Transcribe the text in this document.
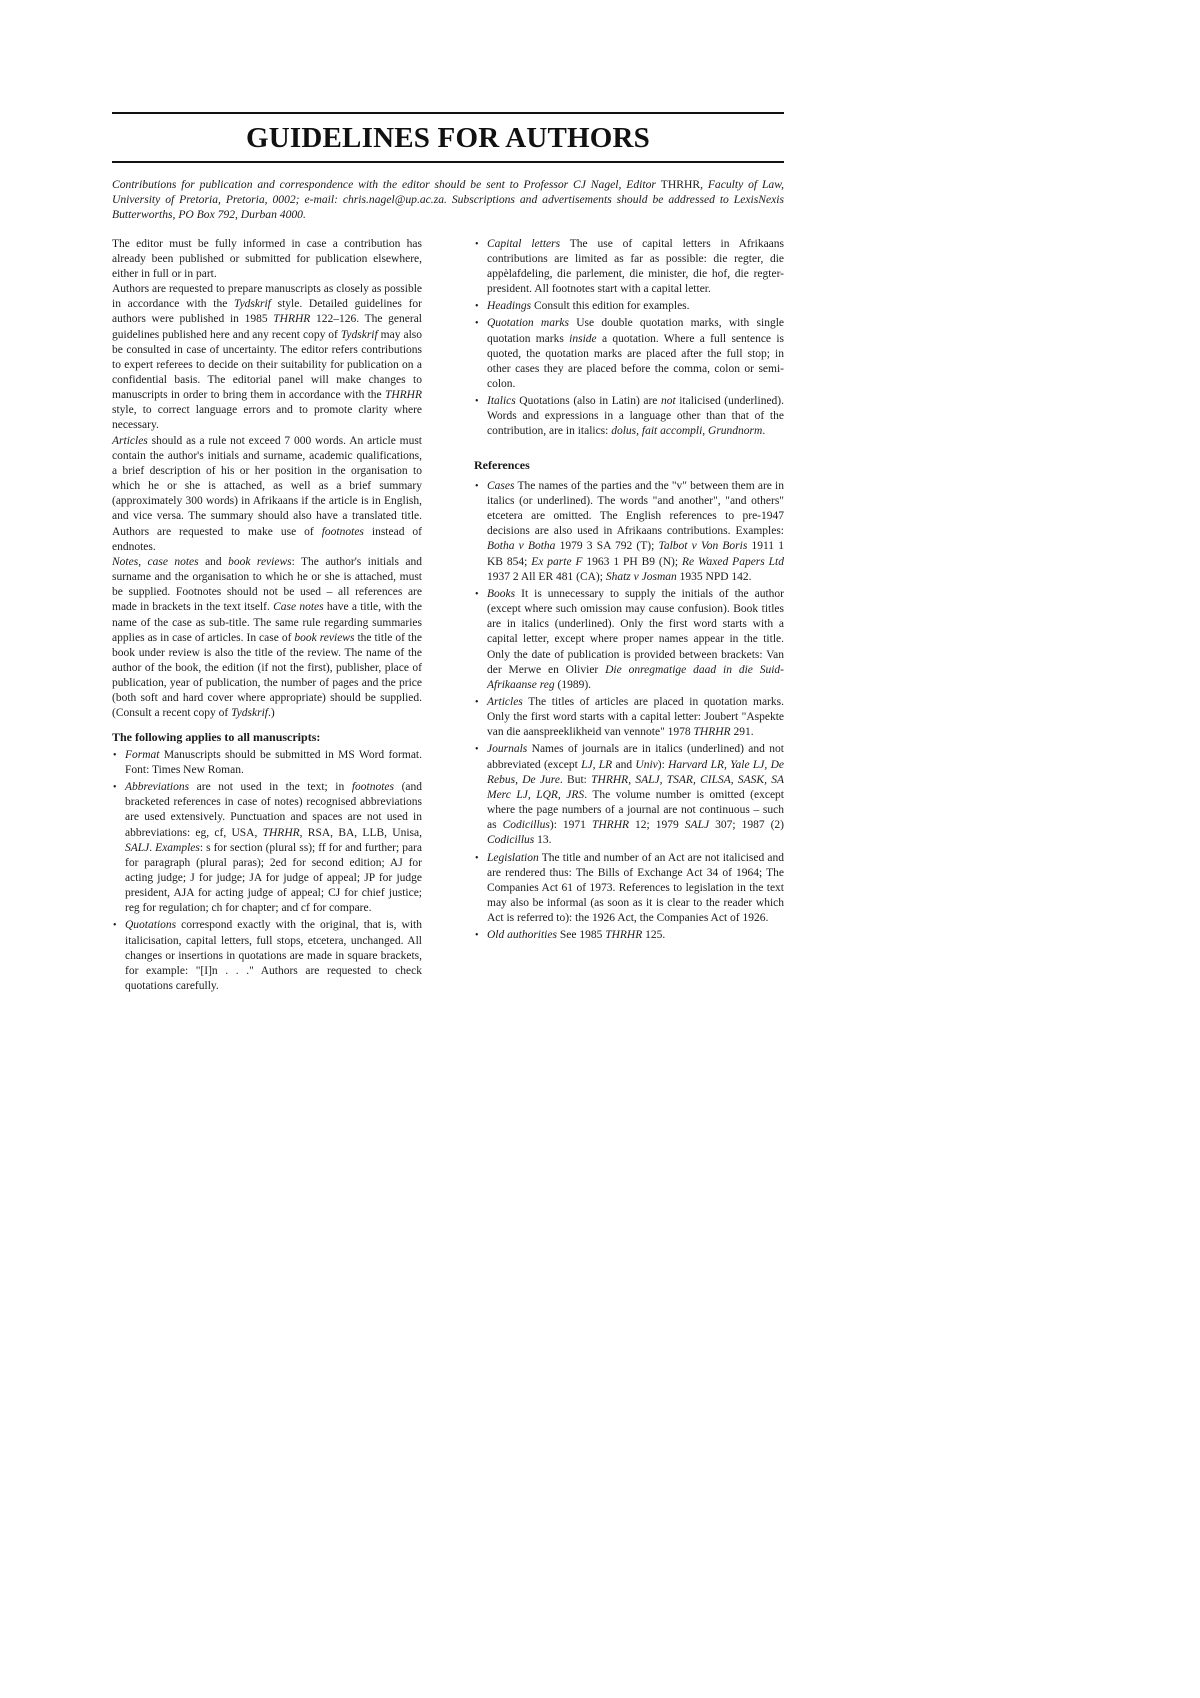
GUIDELINES FOR AUTHORS

Contributions for publication and correspondence with the editor should be sent to Professor CJ Nagel, Editor THRHR, Faculty of Law, University of Pretoria, Pretoria, 0002; e-mail: chris.nagel@up.ac.za. Subscriptions and advertisements should be addressed to LexisNexis Butterworths, PO Box 792, Durban 4000.

The editor must be fully informed in case a contribution has already been published or submitted for publication elsewhere, either in full or in part.

Authors are requested to prepare manuscripts as closely as possible in accordance with the Tydskrif style. Detailed guidelines for authors were published in 1985 THRHR 122–126. The general guidelines published here and any recent copy of Tydskrif may also be consulted in case of uncertainty. The editor refers contributions to expert referees to decide on their suitability for publication on a confidential basis. The editorial panel will make changes to manuscripts in order to bring them in accordance with the THRHR style, to correct language errors and to promote clarity where necessary.

Articles should as a rule not exceed 7 000 words. An article must contain the author's initials and surname, academic qualifications, a brief description of his or her position in the organisation to which he or she is attached, as well as a brief summary (approximately 300 words) in Afrikaans if the article is in English, and vice versa. The summary should also have a translated title. Authors are requested to make use of footnotes instead of endnotes.

Notes, case notes and book reviews: The author's initials and surname and the organisation to which he or she is attached, must be supplied. Footnotes should not be used – all references are made in brackets in the text itself. Case notes have a title, with the name of the case as sub-title. The same rule regarding summaries applies as in case of articles. In case of book reviews the title of the book under review is also the title of the review. The name of the author of the book, the edition (if not the first), publisher, place of publication, year of publication, the number of pages and the price (both soft and hard cover where appropriate) should be supplied. (Consult a recent copy of Tydskrif.)

The following applies to all manuscripts:
• Format Manuscripts should be submitted in MS Word format. Font: Times New Roman.
• Abbreviations are not used in the text; in footnotes (and bracketed references in case of notes) recognised abbreviations are used extensively. Punctuation and spaces are not used in abbreviations: eg, cf, USA, THRHR, RSA, BA, LLB, Unisa, SALJ. Examples: s for section (plural ss); ff for and further; para for paragraph (plural paras); 2ed for second edition; AJ for acting judge; J for judge; JA for judge of appeal; JP for judge president, AJA for acting judge of appeal; CJ for chief justice; reg for regulation; ch for chapter; and cf for compare.
• Quotations correspond exactly with the original, that is, with italicisation, capital letters, full stops, etcetera, unchanged. All changes or insertions in quotations are made in square brackets, for example: "[I]n . . ." Authors are requested to check quotations carefully.
• Capital letters The use of capital letters in Afrikaans contributions are limited as far as possible: die regter, die appèlafdeling, die parlement, die minister, die hof, die regter-president. All footnotes start with a capital letter.
• Headings Consult this edition for examples.
• Quotation marks Use double quotation marks, with single quotation marks inside a quotation. Where a full sentence is quoted, the quotation marks are placed after the full stop; in other cases they are placed before the comma, colon or semi-colon.
• Italics Quotations (also in Latin) are not italicised (underlined). Words and expressions in a language other than that of the contribution, are in italics: dolus, fait accompli, Grundnorm.
References
• Cases The names of the parties and the "v" between them are in italics (or underlined). The words "and another", "and others" etcetera are omitted. The English references to pre-1947 decisions are also used in Afrikaans contributions. Examples: Botha v Botha 1979 3 SA 792 (T); Talbot v Von Boris 1911 1 KB 854; Ex parte F 1963 1 PH B9 (N); Re Waxed Papers Ltd 1937 2 All ER 481 (CA); Shatz v Josman 1935 NPD 142.
• Books It is unnecessary to supply the initials of the author (except where such omission may cause confusion). Book titles are in italics (underlined). Only the first word starts with a capital letter, except where proper names appear in the title. Only the date of publication is provided between brackets: Van der Merwe en Olivier Die onregmatige daad in die Suid-Afrikaanse reg (1989).
• Articles The titles of articles are placed in quotation marks. Only the first word starts with a capital letter: Joubert "Aspekte van die aanspreeklikheid van vennote" 1978 THRHR 291.
• Journals Names of journals are in italics (underlined) and not abbreviated (except LJ, LR and Univ): Harvard LR, Yale LJ, De Rebus, De Jure. But: THRHR, SALJ, TSAR, CILSA, SASK, SA Merc LJ, LQR, JRS. The volume number is omitted (except where the page numbers of a journal are not continuous – such as Codicillus): 1971 THRHR 12; 1979 SALJ 307; 1987 (2) Codicillus 13.
• Legislation The title and number of an Act are not italicised and are rendered thus: The Bills of Exchange Act 34 of 1964; The Companies Act 61 of 1973. References to legislation in the text may also be informal (as soon as it is clear to the reader which Act is referred to): the 1926 Act, the Companies Act of 1926.
• Old authorities See 1985 THRHR 125.
